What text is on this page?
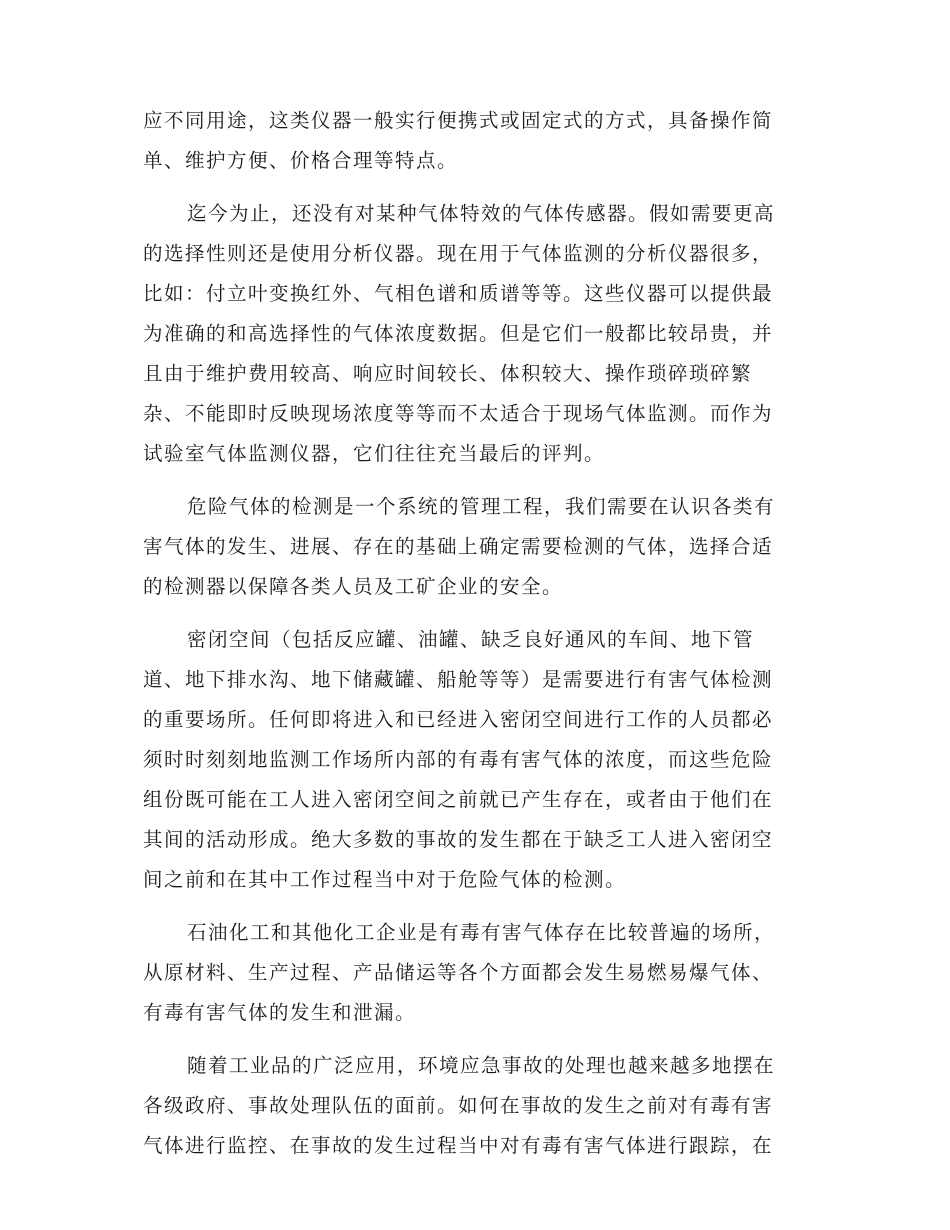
应不同用途，这类仪器一般实行便携式或固定式的方式，具备操作简
单、维护方便、价格合理等特点。
迄今为止，还没有对某种气体特效的气体传感器。假如需要更高
的选择性则还是使用分析仪器。现在用于气体监测的分析仪器很多，
比如：付立叶变换红外、气相色谱和质谱等等。这些仪器可以提供最
为准确的和高选择性的气体浓度数据。但是它们一般都比较昂贵，并
且由于维护费用较高、响应时间较长、体积较大、操作琐碎琐碎繁
杂、不能即时反映现场浓度等等而不太适合于现场气体监测。而作为
试验室气体监测仪器，它们往往充当最后的评判。
危险气体的检测是一个系统的管理工程，我们需要在认识各类有
害气体的发生、进展、存在的基础上确定需要检测的气体，选择合适
的检测器以保障各类人员及工矿企业的安全。
密闭空间（包括反应罐、油罐、缺乏良好通风的车间、地下管
道、地下排水沟、地下储藏罐、船舱等等）是需要进行有害气体检测
的重要场所。任何即将进入和已经进入密闭空间进行工作的人员都必
须时时刻刻地监测工作场所内部的有毒有害气体的浓度，而这些危险
组份既可能在工人进入密闭空间之前就已产生存在，或者由于他们在
其间的活动形成。绝大多数的事故的发生都在于缺乏工人进入密闭空
间之前和在其中工作过程当中对于危险气体的检测。
石油化工和其他化工企业是有毒有害气体存在比较普遍的场所，
从原材料、生产过程、产品储运等各个方面都会发生易燃易爆气体、
有毒有害气体的发生和泄漏。
随着工业品的广泛应用，环境应急事故的处理也越来越多地摆在
各级政府、事故处理队伍的面前。如何在事故的发生之前对有毒有害
气体进行监控、在事故的发生过程当中对有毒有害气体进行跟踪，在
